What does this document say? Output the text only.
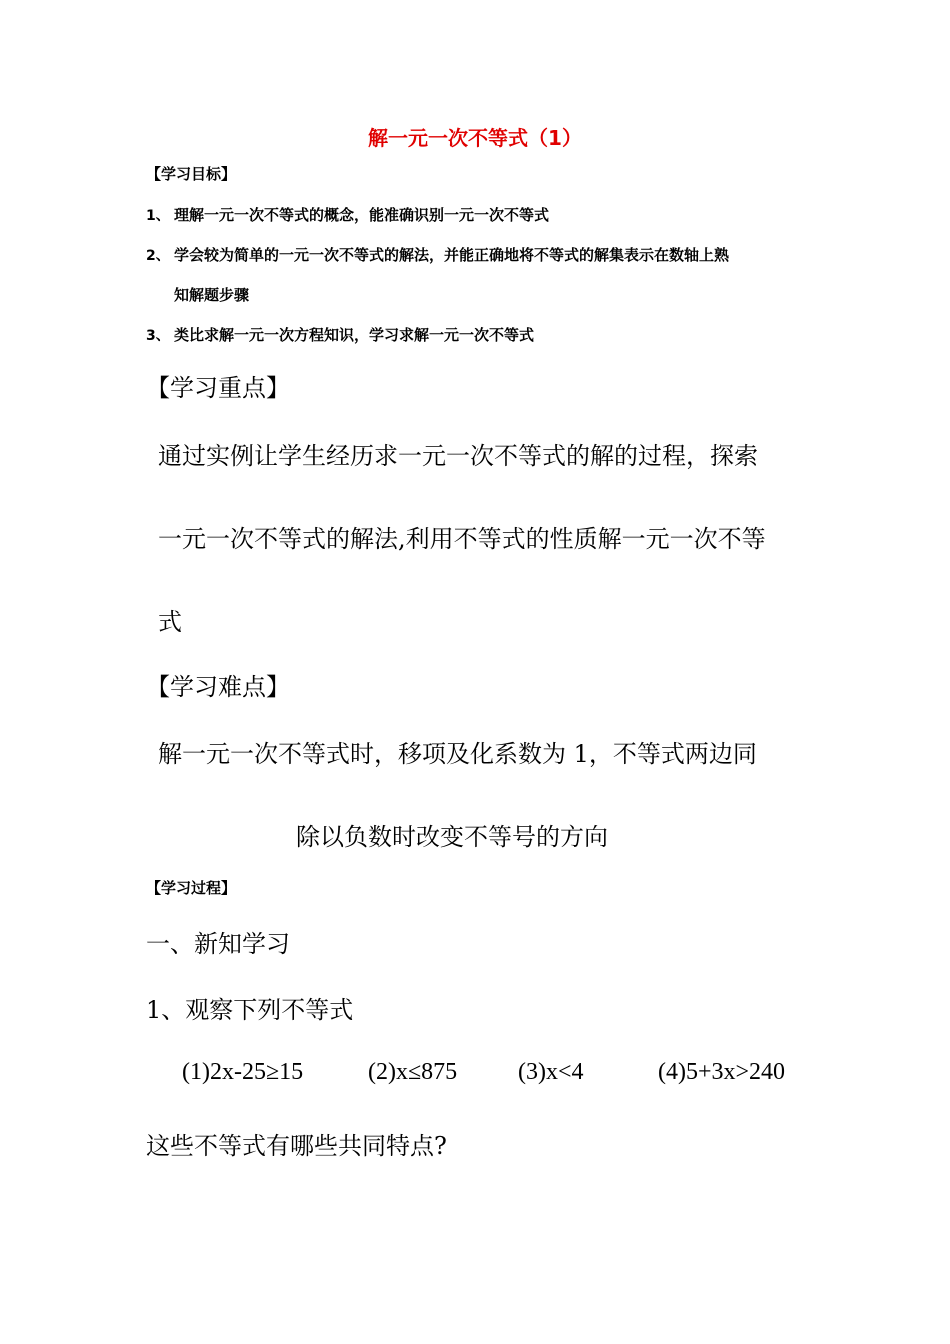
解一元一次不等式（1）
【学习目标】
1、 理解一元一次不等式的概念，能准确识别一元一次不等式
2、 学会较为简单的一元一次不等式的解法，并能正确地将不等式的解集表示在数轴上熟
知解题步骤
3、 类比求解一元一次方程知识，学习求解一元一次不等式
【学习重点】
通过实例让学生经历求一元一次不等式的解的过程，探索
一元一次不等式的解法,利用不等式的性质解一元一次不等
式
【学习难点】
解一元一次不等式时，移项及化系数为 1，不等式两边同
除以负数时改变不等号的方向
【学习过程】
一、新知学习
1、观察下列不等式
(1)2x-25≥15	(2)x≤875	(3)x<4	(4)5+3x>240
这些不等式有哪些共同特点?
